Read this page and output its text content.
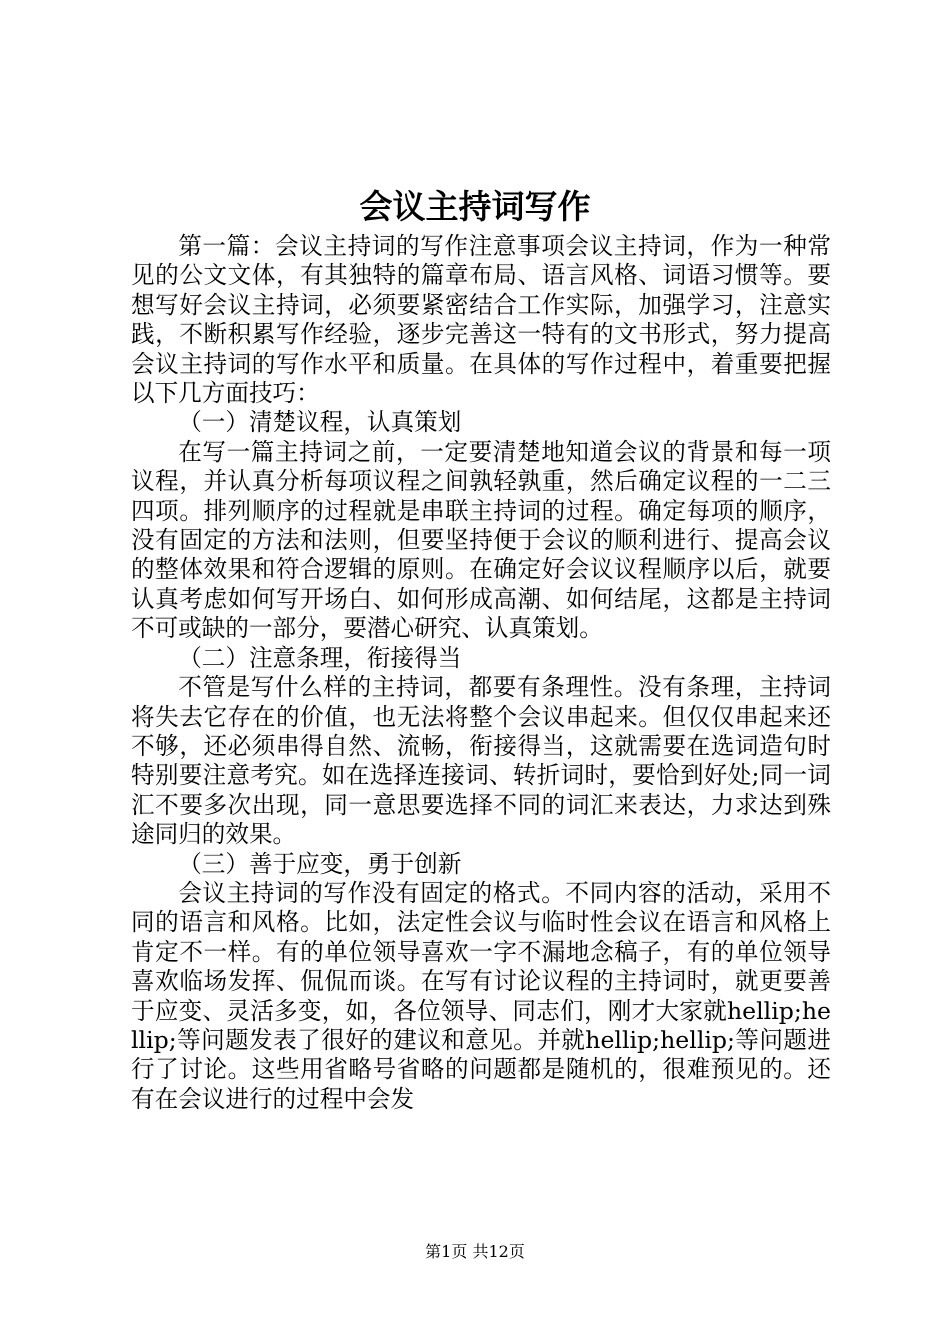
会议主持词写作

第一篇：会议主持词的写作注意事项会议主持词，作为一种常见的公文文体，有其独特的篇章布局、语言风格、词语习惯等。要想写好会议主持词，必须要紧密结合工作实际，加强学习，注意实践，不断积累写作经验，逐步完善这一特有的文书形式，努力提高会议主持词的写作水平和质量。在具体的写作过程中，着重要把握以下几方面技巧：

（一）清楚议程，认真策划

在写一篇主持词之前，一定要清楚地知道会议的背景和每一项议程，并认真分析每项议程之间孰轻孰重，然后确定议程的一二三四项。排列顺序的过程就是串联主持词的过程。确定每项的顺序，没有固定的方法和法则，但要坚持便于会议的顺利进行、提高会议的整体效果和符合逻辑的原则。在确定好会议议程顺序以后，就要认真考虑如何写开场白、如何形成高潮、如何结尾，这都是主持词不可或缺的一部分，要潜心研究、认真策划。

（二）注意条理，衔接得当

不管是写什么样的主持词，都要有条理性。没有条理，主持词将失去它存在的价值，也无法将整个会议串起来。但仅仅串起来还不够，还必须串得自然、流畅，衔接得当，这就需要在选词造句时特别要注意考究。如在选择连接词、转折词时，要恰到好处;同一词汇不要多次出现，同一意思要选择不同的词汇来表达，力求达到殊途同归的效果。

（三）善于应变，勇于创新

会议主持词的写作没有固定的格式。不同内容的活动，采用不同的语言和风格。比如，法定性会议与临时性会议在语言和风格上肯定不一样。有的单位领导喜欢一字不漏地念稿子，有的单位领导喜欢临场发挥、侃侃而谈。在写有讨论议程的主持词时，就更要善于应变、灵活多变，如，各位领导、同志们，刚才大家就hellip;hellip;等问题发表了很好的建议和意见。并就hellip;hellip;等问题进行了讨论。这些用省略号省略的问题都是随机的，很难预见的。还有在会议进行的过程中会发

第1页 共12页
